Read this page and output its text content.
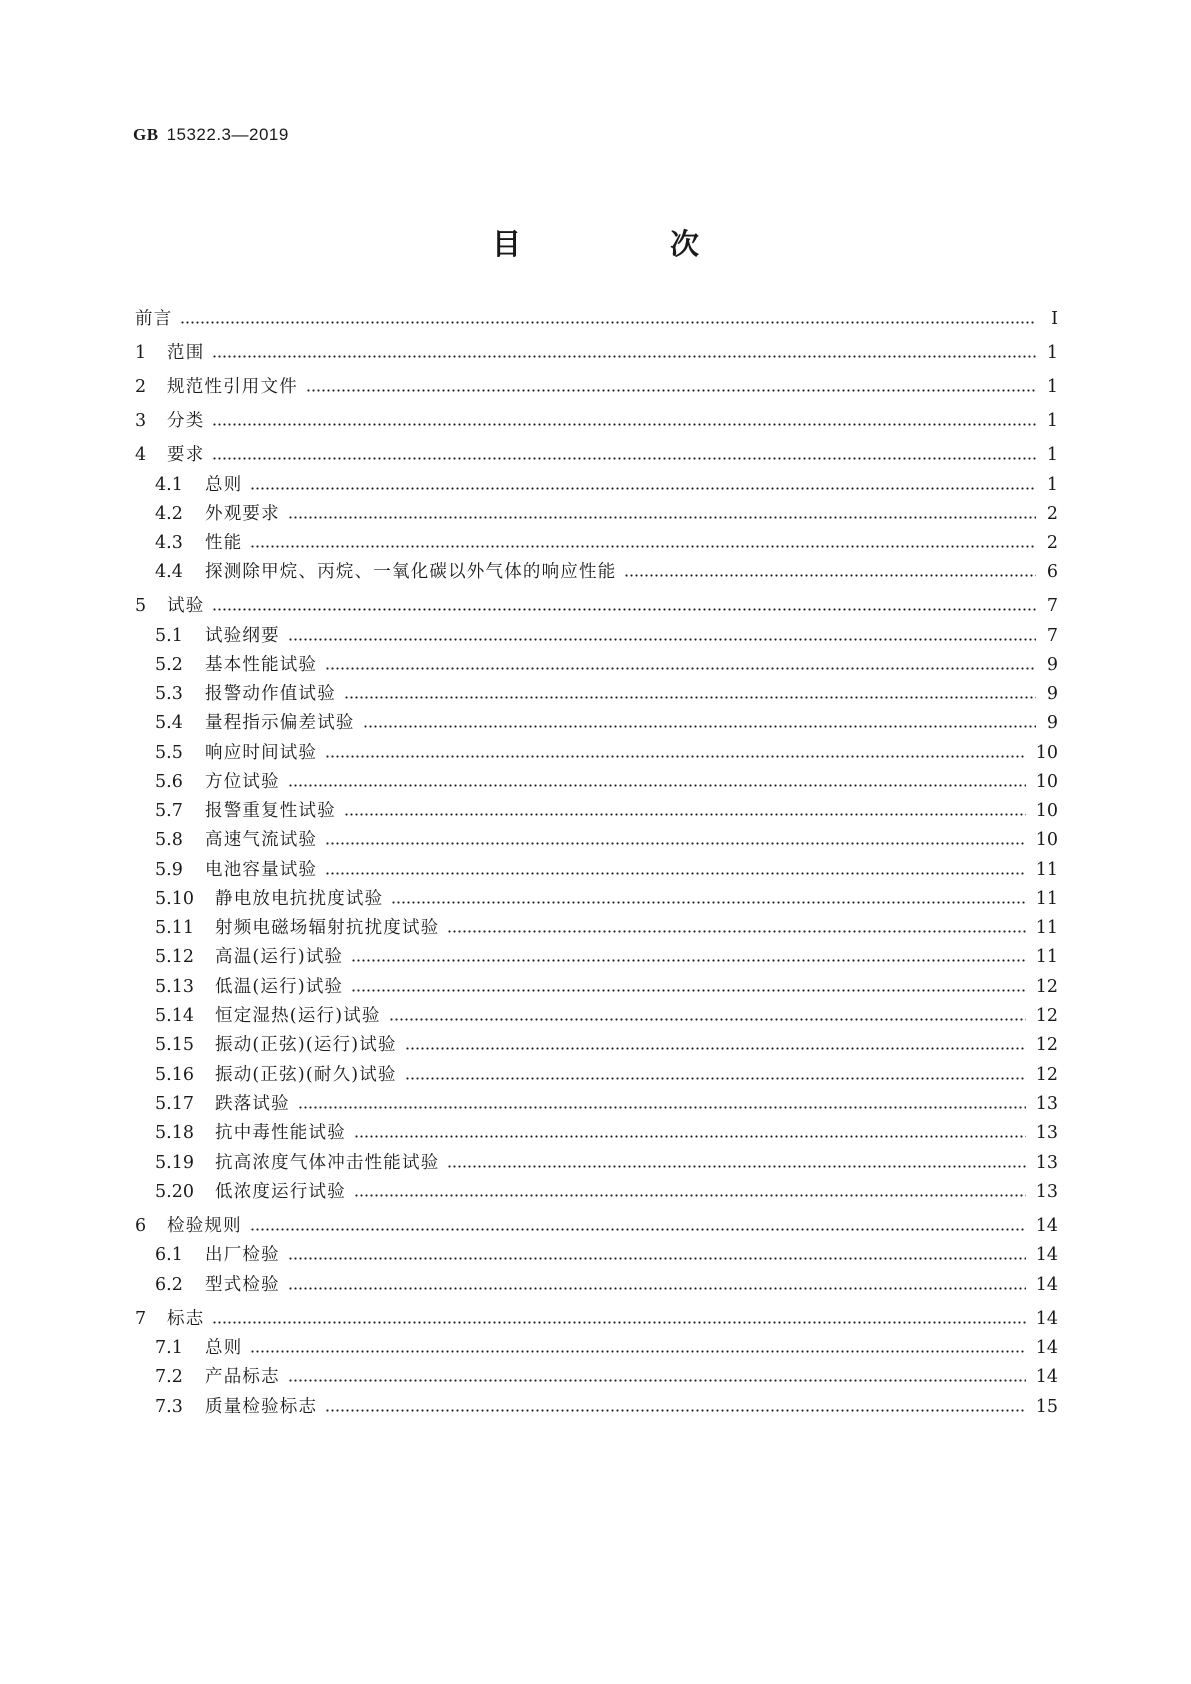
GB 15322.3—2019
目　次
前言	Ⅰ
1	范围	1
2	规范性引用文件	1
3	分类	1
4	要求	1
4.1	总则	1
4.2	外观要求	2
4.3	性能	2
4.4	探测除甲烷、丙烷、一氧化碳以外气体的响应性能	6
5	试验	7
5.1	试验纲要	7
5.2	基本性能试验	9
5.3	报警动作值试验	9
5.4	量程指示偏差试验	9
5.5	响应时间试验	10
5.6	方位试验	10
5.7	报警重复性试验	10
5.8	高速气流试验	10
5.9	电池容量试验	11
5.10	静电放电抗扰度试验	11
5.11	射频电磁场辐射抗扰度试验	11
5.12	高温(运行)试验	11
5.13	低温(运行)试验	12
5.14	恒定湿热(运行)试验	12
5.15	振动(正弦)(运行)试验	12
5.16	振动(正弦)(耐久)试验	12
5.17	跌落试验	13
5.18	抗中毒性能试验	13
5.19	抗高浓度气体冲击性能试验	13
5.20	低浓度运行试验	13
6	检验规则	14
6.1	出厂检验	14
6.2	型式检验	14
7	标志	14
7.1	总则	14
7.2	产品标志	14
7.3	质量检验标志	15
